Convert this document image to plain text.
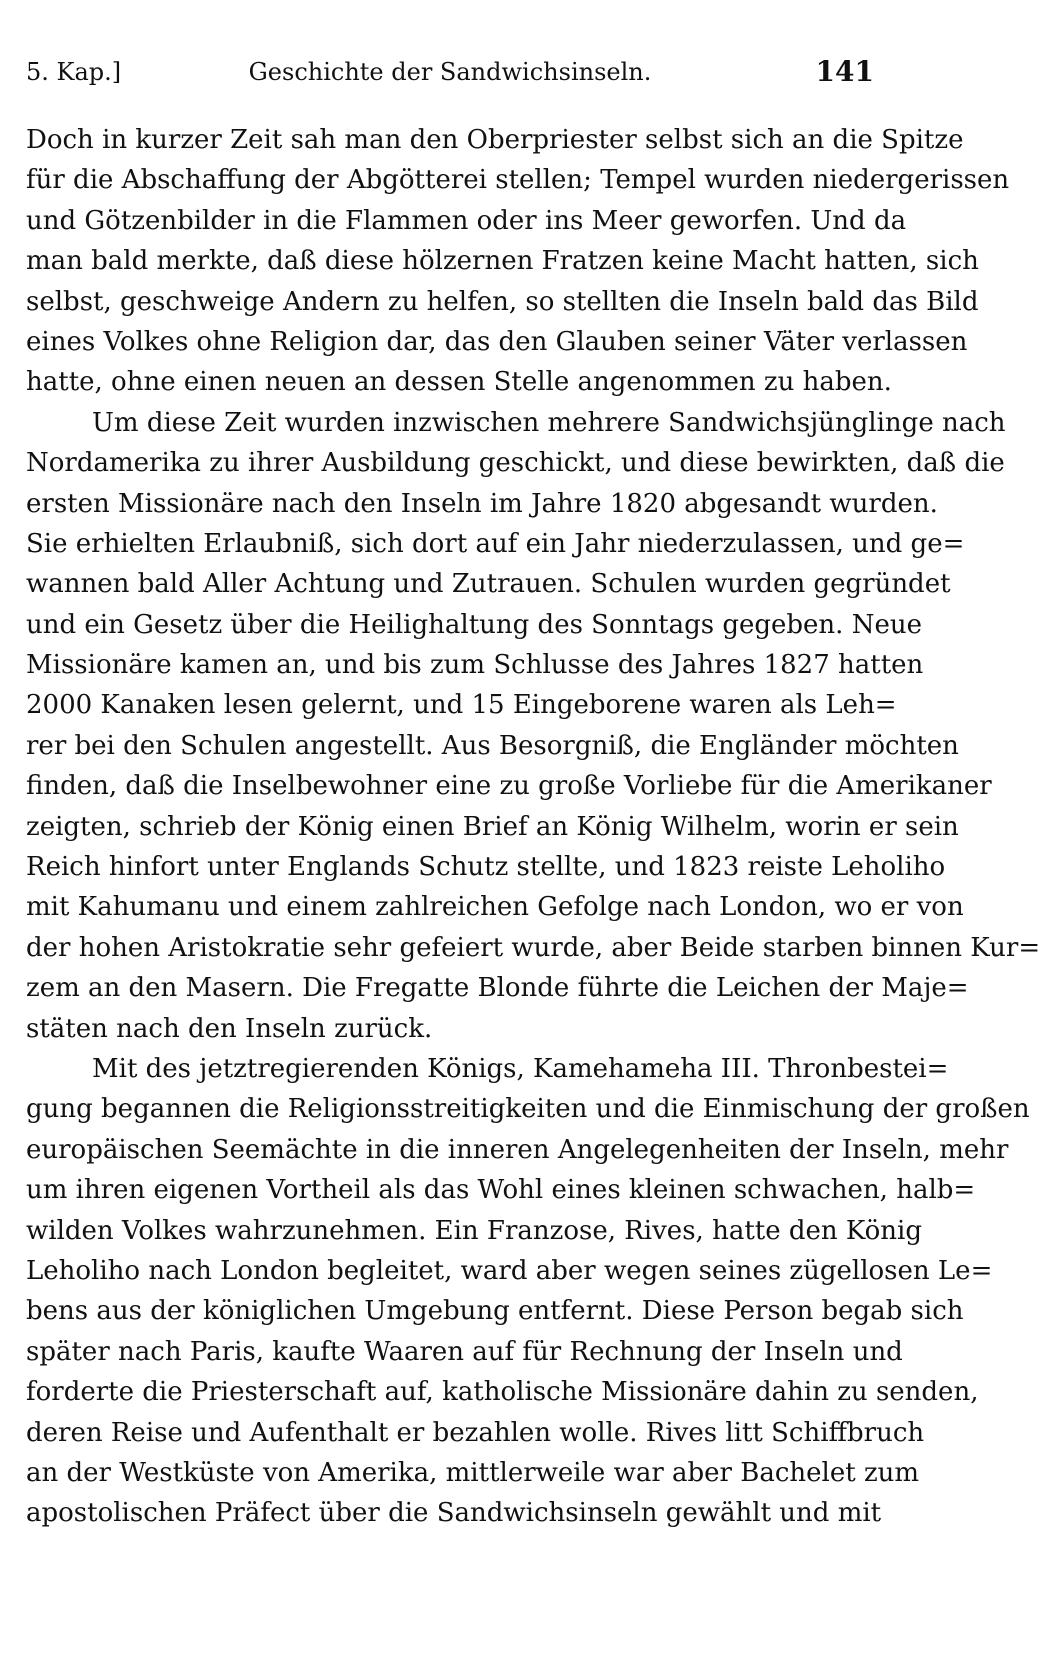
5. Kap.]	Geschichte der Sandwichsinseln.	141
Doch in kurzer Zeit sah man den Oberpriester selbst sich an die Spitze
für die Abschaffung der Abgötterei stellen; Tempel wurden niedergerissen
und Götzenbilder in die Flammen oder ins Meer geworfen. Und da
man bald merkte, daß diese hölzernen Fratzen keine Macht hatten, sich
selbst, geschweige Andern zu helfen, so stellten die Inseln bald das Bild
eines Volkes ohne Religion dar, das den Glauben seiner Väter verlassen
hatte, ohne einen neuen an dessen Stelle angenommen zu haben.
Um diese Zeit wurden inzwischen mehrere Sandwichsjünglinge nach
Nordamerika zu ihrer Ausbildung geschickt, und diese bewirkten, daß die
ersten Missionäre nach den Inseln im Jahre 1820 abgesandt wurden.
Sie erhielten Erlaubniß, sich dort auf ein Jahr niederzulassen, und ge=
wannen bald Aller Achtung und Zutrauen. Schulen wurden gegründet
und ein Gesetz über die Heilighaltung des Sonntags gegeben. Neue
Missionäre kamen an, und bis zum Schlusse des Jahres 1827 hatten
2000 Kanaken lesen gelernt, und 15 Eingeborene waren als Leh=
rer bei den Schulen angestellt. Aus Besorgniß, die Engländer möchten
finden, daß die Inselbewohner eine zu große Vorliebe für die Amerikaner
zeigten, schrieb der König einen Brief an König Wilhelm, worin er sein
Reich hinfort unter Englands Schutz stellte, und 1823 reiste Leholiho
mit Kahumanu und einem zahlreichen Gefolge nach London, wo er von
der hohen Aristokratie sehr gefeiert wurde, aber Beide starben binnen Kur=
zem an den Masern. Die Fregatte Blonde führte die Leichen der Maje=
stäten nach den Inseln zurück.
Mit des jetztregierenden Königs, Kamehameha III. Thronbestei=
gung begannen die Religionsstreitigkeiten und die Einmischung der großen
europäischen Seemächte in die inneren Angelegenheiten der Inseln, mehr
um ihren eigenen Vortheil als das Wohl eines kleinen schwachen, halb=
wilden Volkes wahrzunehmen. Ein Franzose, Rives, hatte den König
Leholiho nach London begleitet, ward aber wegen seines zügellosen Le=
bens aus der königlichen Umgebung entfernt. Diese Person begab sich
später nach Paris, kaufte Waaren auf für Rechnung der Inseln und
forderte die Priesterschaft auf, katholische Missionäre dahin zu senden,
deren Reise und Aufenthalt er bezahlen wolle. Rives litt Schiffbruch
an der Westküste von Amerika, mittlerweile war aber Bachelet zum
apostolischen Präfect über die Sandwichsinseln gewählt und mit
